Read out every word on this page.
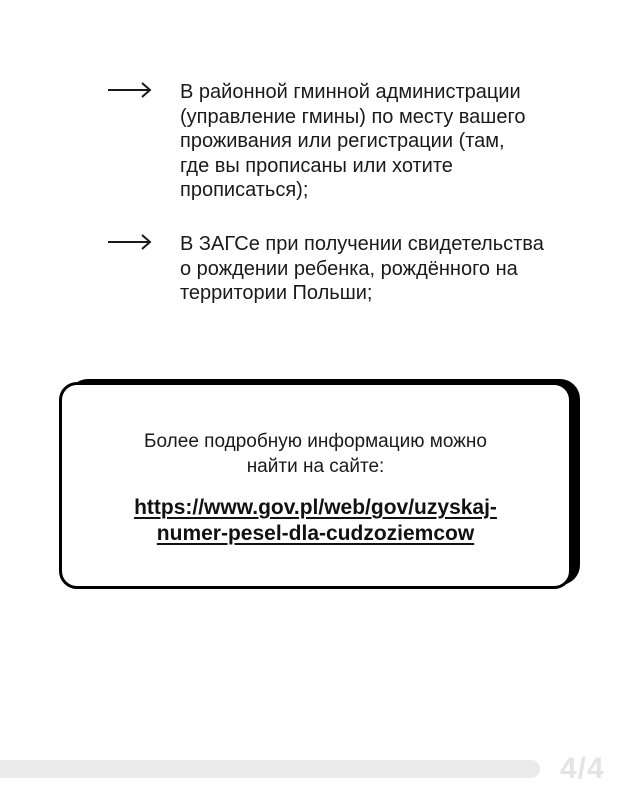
В районной гминной администрации
(управление гмины) по месту вашего
проживания или регистрации (там,
где вы прописаны или хотите
прописаться);
В ЗАГСе при получении свидетельства
о рождении ребенка, рождённого на
территории Польши;
Более подробную информацию можно
найти на сайте:
https://www.gov.pl/web/gov/uzyskaj-
numer-pesel-dla-cudzoziemcow
4/4
